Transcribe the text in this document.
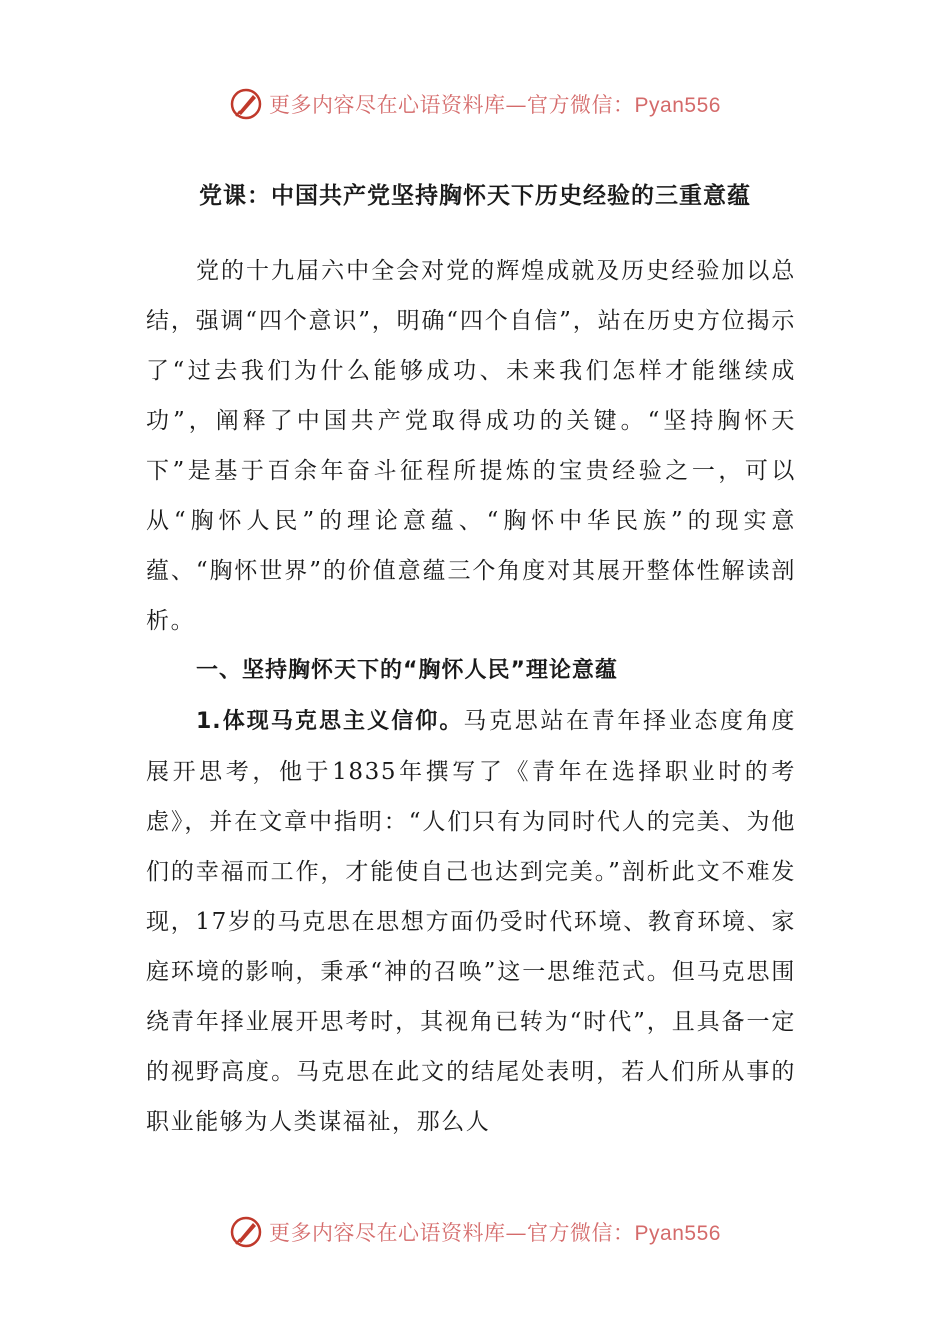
更多内容尽在心语资料库—官方微信：Pyan556
党课：中国共产党坚持胸怀天下历史经验的三重意蕴

党的十九届六中全会对党的辉煌成就及历史经验加以总结，强调“四个意识”，明确“四个自信”，站在历史方位揭示了“过去我们为什么能够成功、未来我们怎样才能继续成功”，阐释了中国共产党取得成功的关键。“坚持胸怀天下”是基于百余年奋斗征程所提炼的宝贵经验之一，可以从“胸怀人民”的理论意蕴、“胸怀中华民族”的现实意蕴、“胸怀世界”的价值意蕴三个角度对其展开整体性解读剖析。

一、坚持胸怀天下的“胸怀人民”理论意蕴

1.体现马克思主义信仰。马克思站在青年择业态度角度展开思考，他于1835年撰写了《青年在选择职业时的考虑》，并在文章中指明：“人们只有为同时代人的完美、为他们的幸福而工作，才能使自己也达到完美。”剖析此文不难发现，17岁的马克思在思想方面仍受时代环境、教育环境、家庭环境的影响，秉承“神的召唤”这一思维范式。但马克思围绕青年择业展开思考时，其视角已转为“时代”，且具备一定的视野高度。马克思在此文的结尾处表明，若人们所从事的职业能够为人类谋福祉，那么人

更多内容尽在心语资料库—官方微信：Pyan556
